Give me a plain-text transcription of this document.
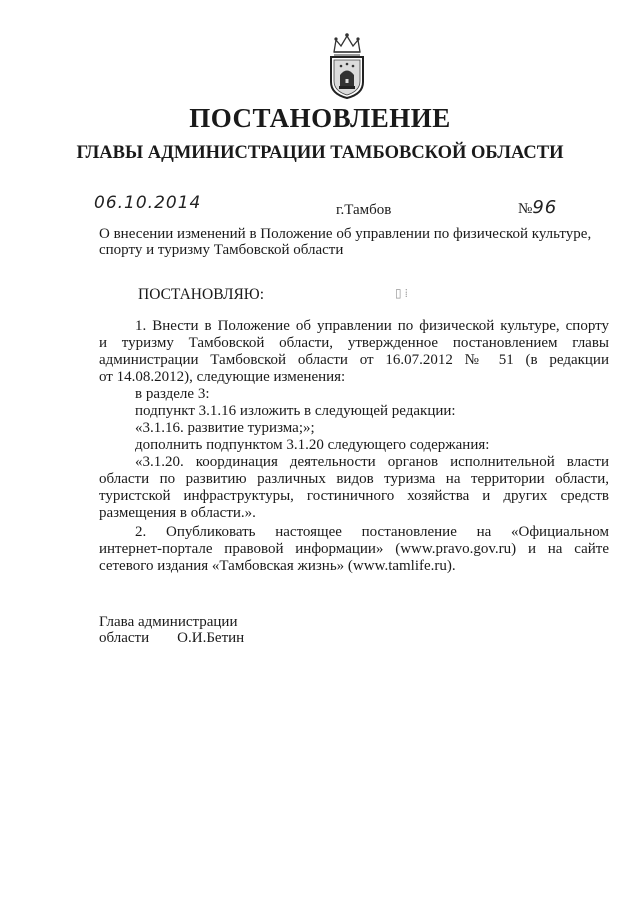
ПОСТАНОВЛЕНИЕ
ГЛАВЫ АДМИНИСТРАЦИИ ТАМБОВСКОЙ ОБЛАСТИ
06.10.2014	г.Тамбов	№96
О внесении изменений в Положение об управлении по физической культуре, спорту и туризму Тамбовской области
ПОСТАНОВЛЯЮ:	▯ ⁞
1. Внести в Положение об управлении по физической культуре, спорту
и туризму Тамбовской области, утвержденное постановлением главы
администрации Тамбовской области от 16.07.2012 № 51 (в редакции
от 14.08.2012), следующие изменения:
в разделе 3:
подпункт 3.1.16 изложить в следующей редакции:
«3.1.16. развитие туризма;»;
дополнить подпунктом 3.1.20 следующего содержания:
«3.1.20. координация деятельности органов исполнительной власти
области по развитию различных видов туризма на территории области,
туристской инфраструктуры, гостиничного хозяйства и других средств
размещения в области.».
2. Опубликовать настоящее постановление на «Официальном
интернет-портале правовой информации» (www.pravo.gov.ru) и на сайте
сетевого издания «Тамбовская жизнь» (www.tamlife.ru).
Глава администрации
области О.И.Бетин
